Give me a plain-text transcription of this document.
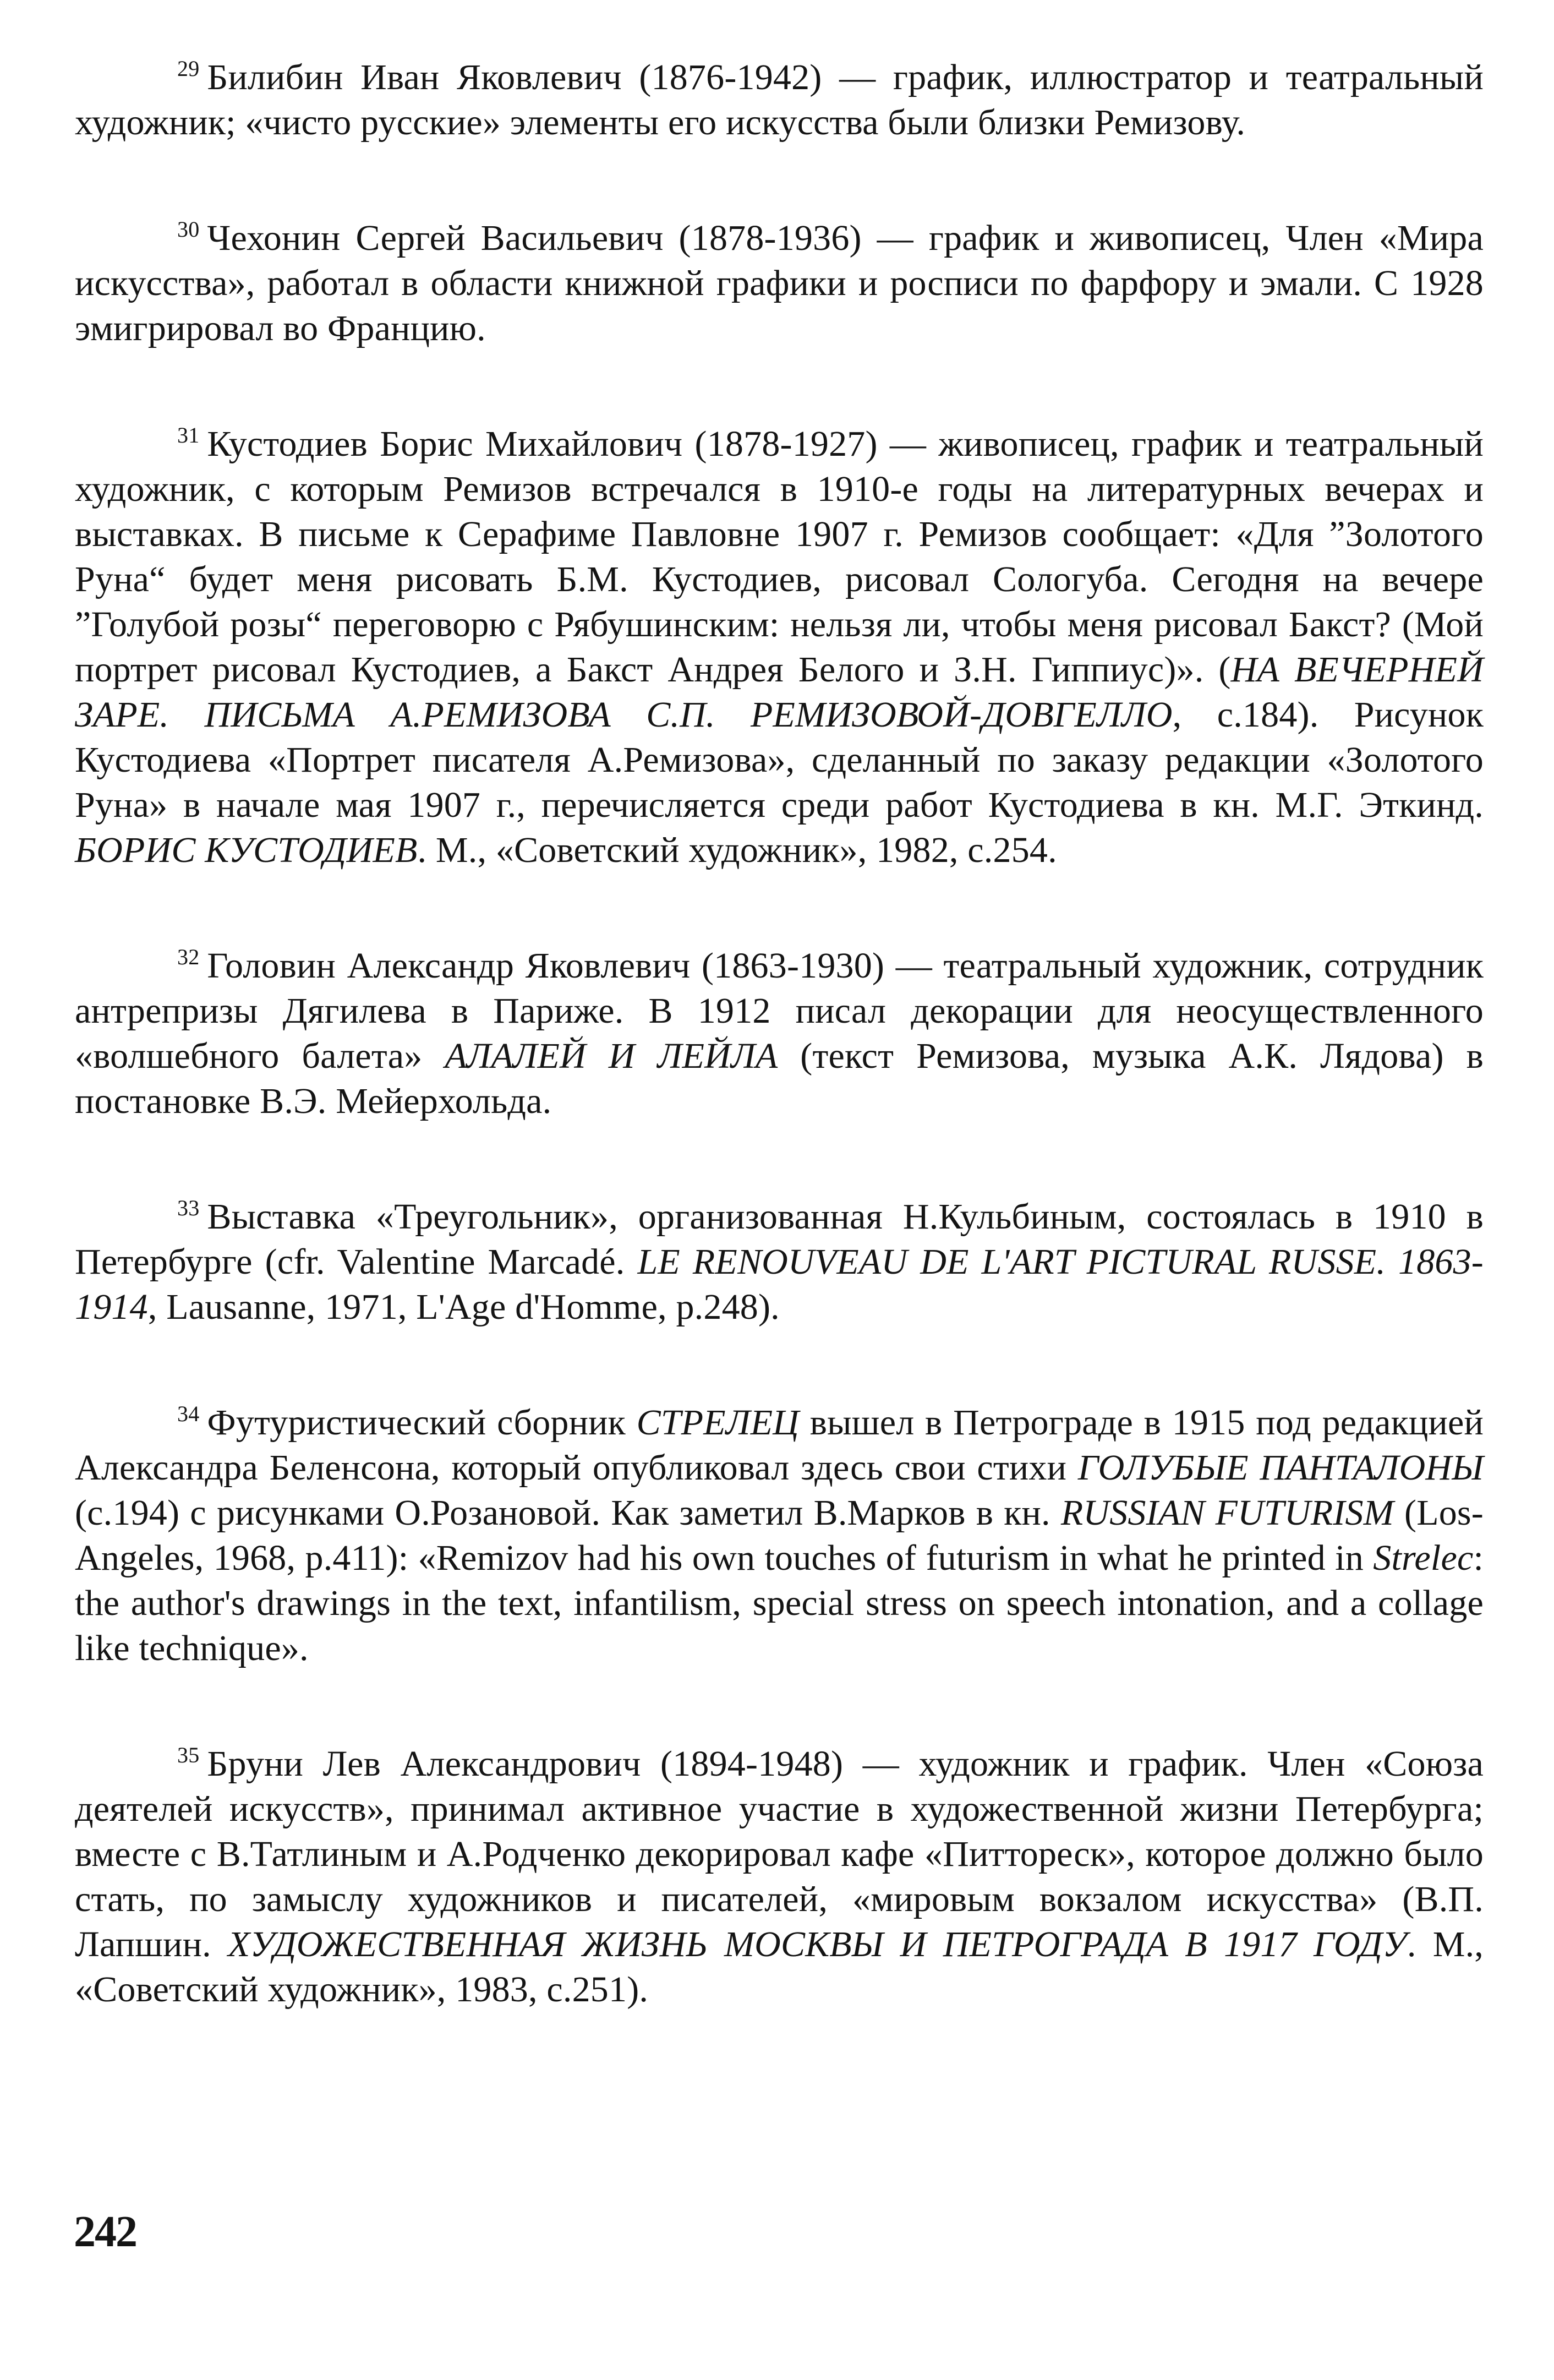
$^{29}$ Билибин Иван Яковлевич (1876-1942) — график, иллюстратор и театральный художник; «чисто русские» элементы его искусства были близки Ремизову.

$^{30}$ Чехонин Сергей Васильевич (1878-1936) — график и живописец, Член «Мира искусства», работал в области книжной графики и росписи по фарфору и эмали. С 1928 эмигрировал во Францию.

$^{31}$ Кустодиев Борис Михайлович (1878-1927) — живописец, график и театральный художник, с которым Ремизов встречался в 1910-е годы на литературных вечерах и выставках. В письме к Серафиме Павловне 1907 г. Ремизов сообщает: «Для ”Золотого Руна“ будет меня рисовать Б.М. Кустодиев, рисовал Сологуба. Сегодня на вечере ”Голубой розы“ переговорю с Рябушинским: нельзя ли, чтобы меня рисовал Бакст? (Мой портрет рисовал Кустодиев, а Бакст Андрея Белого и З.Н. Гиппиус)». (НА ВЕЧЕРНЕЙ ЗАРЕ. ПИСЬМА А.РЕМИЗОВА С.П. РЕМИЗОВОЙ-ДОВГЕЛЛО, с.184). Рисунок Кустодиева «Портрет писателя А.Ремизова», сделанный по заказу редакции «Золотого Руна» в начале мая 1907 г., перечисляется среди работ Кустодиева в кн. М.Г. Эткинд. БОРИС КУСТОДИЕВ. М., «Советский художник», 1982, с.254.

$^{32}$ Головин Александр Яковлевич (1863-1930) — театральный художник, сотрудник антрепризы Дягилева в Париже. В 1912 писал декорации для неосуществленного «волшебного балета» АЛАЛЕЙ И ЛЕЙЛА (текст Ремизова, музыка А.К. Лядова) в постановке В.Э. Мейерхольда.

$^{33}$ Выставка «Треугольник», организованная Н.Кульбиным, состоялась в 1910 в Петербурге (cfr. Valentine Marcadé. LE RENOUVEAU DE L'ART PICTURAL RUSSE. 1863-1914, Lausanne, 1971, L'Age d'Homme, p.248).

$^{34}$ Футуристический сборник СТРЕЛЕЦ вышел в Петрограде в 1915 под редакцией Александра Беленсона, который опубликовал здесь свои стихи ГОЛУБЫЕ ПАНТАЛОНЫ (с.194) с рисунками О.Розановой. Как заметил В.Марков в кн. RUSSIAN FUTURISM (Los-Angeles, 1968, p.411): «Remizov had his own touches of futurism in what he printed in Strelec: the author's drawings in the text, infantilism, special stress on speech intonation, and a collage like technique».

$^{35}$ Бруни Лев Александрович (1894-1948) — художник и график. Член «Союза деятелей искусств», принимал активное участие в художественной жизни Петербурга; вместе с В.Татлиным и А.Родченко декорировал кафе «Питтореск», которое должно было стать, по замыслу художников и писателей, «мировым вокзалом искусства» (В.П. Лапшин. ХУДОЖЕСТВЕННАЯ ЖИЗНЬ МОСКВЫ И ПЕТРОГРАДА В 1917 ГОДУ. М., «Советский художник», 1983, с.251).

242
